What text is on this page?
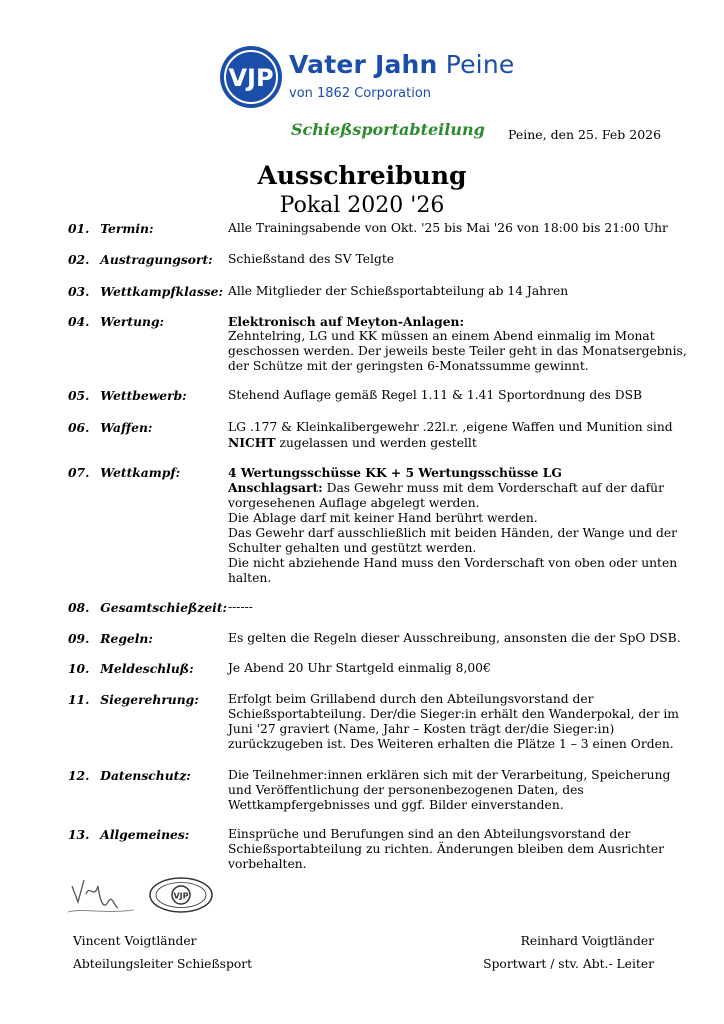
VJP Vater Jahn Peine
von 1862 Corporation
Schießsportabteilung Peine, den 25. Feb 2026
Ausschreibung
Pokal 2020 '26
01. Termin:	Alle Trainingsabende von Okt. '25 bis Mai '26 von 18:00 bis 21:00 Uhr
02. Austragungsort: Schießstand des SV Telgte
03. Wettkampfklasse: Alle Mitglieder der Schießsportabteilung ab 14 Jahren
04. Wertung:	Elektronisch auf Meyton-Anlagen:
Zehntelring, LG und KK müssen an einem Abend einmalig im Monat
geschossen werden. Der jeweils beste Teiler geht in das Monatsergebnis,
der Schütze mit der geringsten 6-Monatssumme gewinnt.
05. Wettbewerb:	Stehend Auflage gemäß Regel 1.11 & 1.41 Sportordnung des DSB
06. Waffen:	LG .177 & Kleinkalibergewehr .22l.r. ,eigene Waffen und Munition sind
NICHT zugelassen und werden gestellt
07. Wettkampf:	4 Wertungsschüsse KK + 5 Wertungsschüsse LG
Anschlagsart: Das Gewehr muss mit dem Vorderschaft auf der dafür
vorgesehenen Auflage abgelegt werden.
Die Ablage darf mit keiner Hand berührt werden.
Das Gewehr darf ausschließlich mit beiden Händen, der Wange und der
Schulter gehalten und gestützt werden.
Die nicht abziehende Hand muss den Vorderschaft von oben oder unten
halten.
08. Gesamtschießzeit: ------
09. Regeln:	Es gelten die Regeln dieser Ausschreibung, ansonsten die der SpO DSB.
10. Meldeschluß:	Je Abend 20 Uhr Startgeld einmalig 8,00€
11. Siegerehrung: Erfolgt beim Grillabend durch den Abteilungsvorstand der
Schießsportabteilung. Der/die Sieger:in erhält den Wanderpokal, der im
Juni '27 graviert (Name, Jahr – Kosten trägt der/die Sieger:in)
zurückzugeben ist. Des Weiteren erhalten die Plätze 1 – 3 einen Orden.
12. Datenschutz:	Die Teilnehmer:innen erklären sich mit der Verarbeitung, Speicherung
und Veröffentlichung der personenbezogenen Daten, des
Wettkampfergebnisses und ggf. Bilder einverstanden.
13. Allgemeines:	Einsprüche und Berufungen sind an den Abteilungsvorstand der
Schießsportabteilung zu richten. Änderungen bleiben dem Ausrichter
vorbehalten.
VJP
Vincent Voigtländer
Abteilungsleiter Schießsport
Reinhard Voigtländer
Sportwart / stv. Abt.- Leiter
